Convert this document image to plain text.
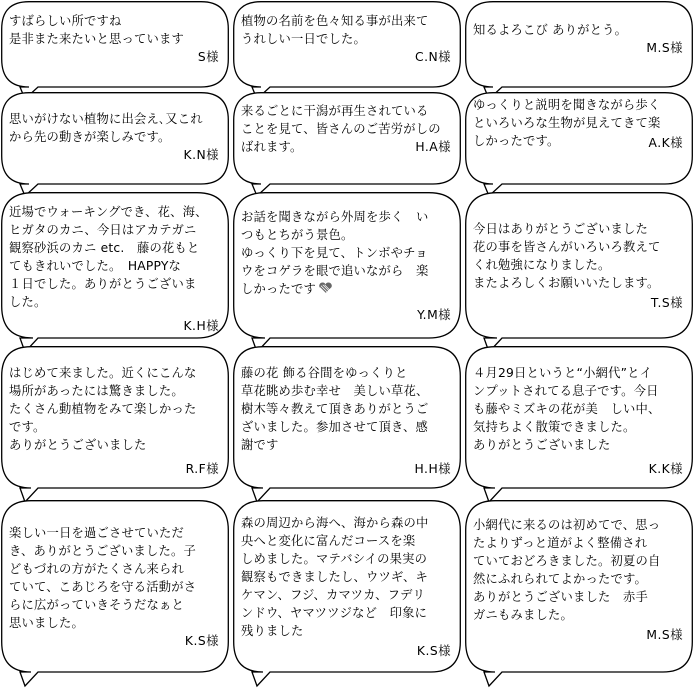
すばらしい所ですね
是非また来たいと思っています

S様

植物の名前を色々知る事が出来て
うれしい一日でした。

C.N様

知るよろこび ありがとう。

M.S様

思いがけない植物に出会え､又これ
から先の動きが楽しみです。

K.N様

来るごとに干潟が再生されている
ことを見て、皆さんのご苦労がしの
ばれます。	H.A様

ゆっくりと説明を聞きながら歩く
といろいろな生物が見えてきて楽
しかったです。	A.K様

近場でウォーキングでき、花、海、
ヒガタのカニ、今日はアカテガニ
観察砂浜のカニ etc.　藤の花もと
てもきれいでした。　HAPPYな
１日でした。ありがとうございま
した。

K.H様

お話を聞きながら外周を歩く　い
つもとちがう景色。
ゆっくり下を見て、トンボやチョ
ウをコゲラを眼で追いながら　楽
しかったです

Y.M様

今日はありがとうございました
花の事を皆さんがいろいろ教えて
くれ勉強になりました。
またよろしくお願いいたします。

T.S様

はじめて来ました。近くにこんな
場所があったには驚きました。
たくさん動植物をみて楽しかった
です。
ありがとうございました

R.F様

藤の花 飾る谷間をゆっくりと
草花眺め歩む幸せ　美しい草花、
樹木等々教えて頂きありがとうご
ざいました。参加させて頂き、感
謝です

H.H様

４月29日というと“小網代”とイ
ンプットされてる息子です。今日
も藤やミズキの花が美　しい中、
気持ちよく散策できました。
ありがとうございました

K.K様

楽しい一日を過ごさせていただ
き、ありがとうございました。子
どもづれの方がたくさん来られ
ていて、こあじろを守る活動がさ
らに広がっていきそうだなぁと
思いました。

K.S様

森の周辺から海へ、海から森の中
央へと変化に富んだコースを楽
しめました。マテバシイの果実の
観察もできましたし、ウツギ、キ
ケマン、フジ、カマツカ、フデリ
ンドウ、ヤマツツジなど　印象に
残りました

K.S様

小網代に来るのは初めてで、思っ
たよりずっと道がよく整備され
ていておどろきました。初夏の自
然にふれられてよかったです。
ありがとうございました　赤手
ガニもみました。

M.S様
